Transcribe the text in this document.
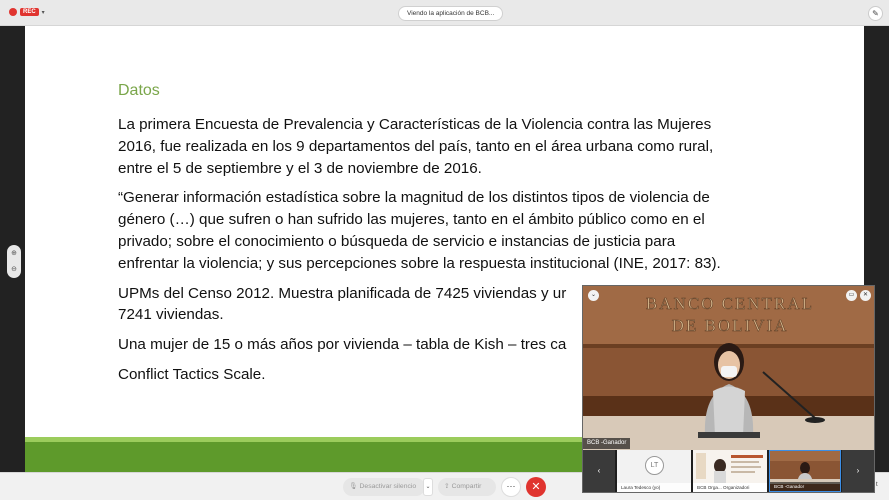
REC	▾	Viendo la aplicación de BCB...	✎
⊕
⊖
Datos

La primera Encuesta de Prevalencia y Características de la Violencia contra las Mujeres
2016, fue realizada en los 9 departamentos del país, tanto en el área urbana como rural,
entre el 5 de septiembre y el 3 de noviembre de 2016.

“Generar información estadística sobre la magnitud de los distintos tipos de violencia de
género (…) que sufren o han sufrido las mujeres, tanto en el ámbito público como en el
privado; sobre el conocimiento o búsqueda de servicio e instancias de justicia para
enfrentar la violencia; y sus percepciones sobre la respuesta institucional (INE, 2017: 83).

UPMs del Censo 2012. Muestra planificada de 7425 viviendas y ur
7241 viviendas.

Una mujer de 15 o más años por vivienda – tabla de Kish – tres ca

Conflict Tactics Scale.

🎙 Desactivar silencio	⌄	⇪ Compartir	···	✕
BANCO CENTRAL
DE BOLIVIA
⌄	▭	✕
BCB -Ganador
‹
LT
Laura Tedesco (yo)	BCB Orga... Organizadori	BCB -Ganador
›
t
